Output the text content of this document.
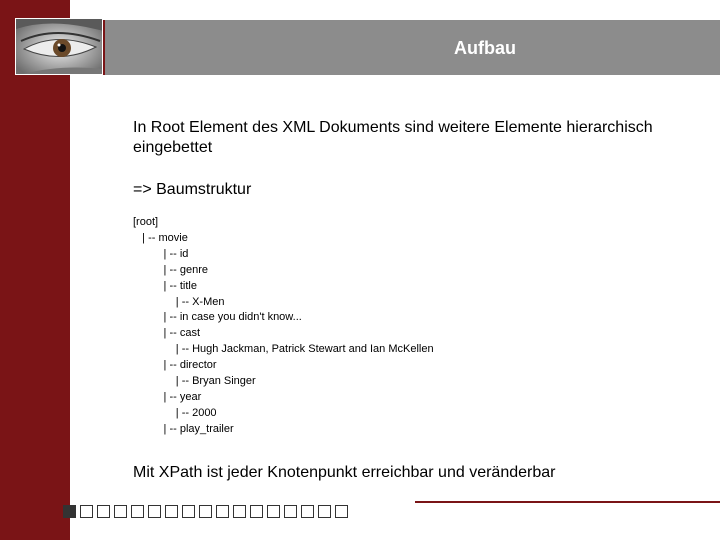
Aufbau

In Root Element des XML Dokuments sind weitere Elemente hierarchisch eingebettet

=> Baumstruktur
[root]
| -- movie
| -- id
| -- genre
| -- title
| -- X-Men
| -- in case you didn't know...
| -- cast
| -- Hugh Jackman, Patrick Stewart and Ian McKellen
| -- director
| -- Bryan Singer
| -- year
| -- 2000
| -- play_trailer
Mit XPath ist jeder Knotenpunkt erreichbar und veränderbar
